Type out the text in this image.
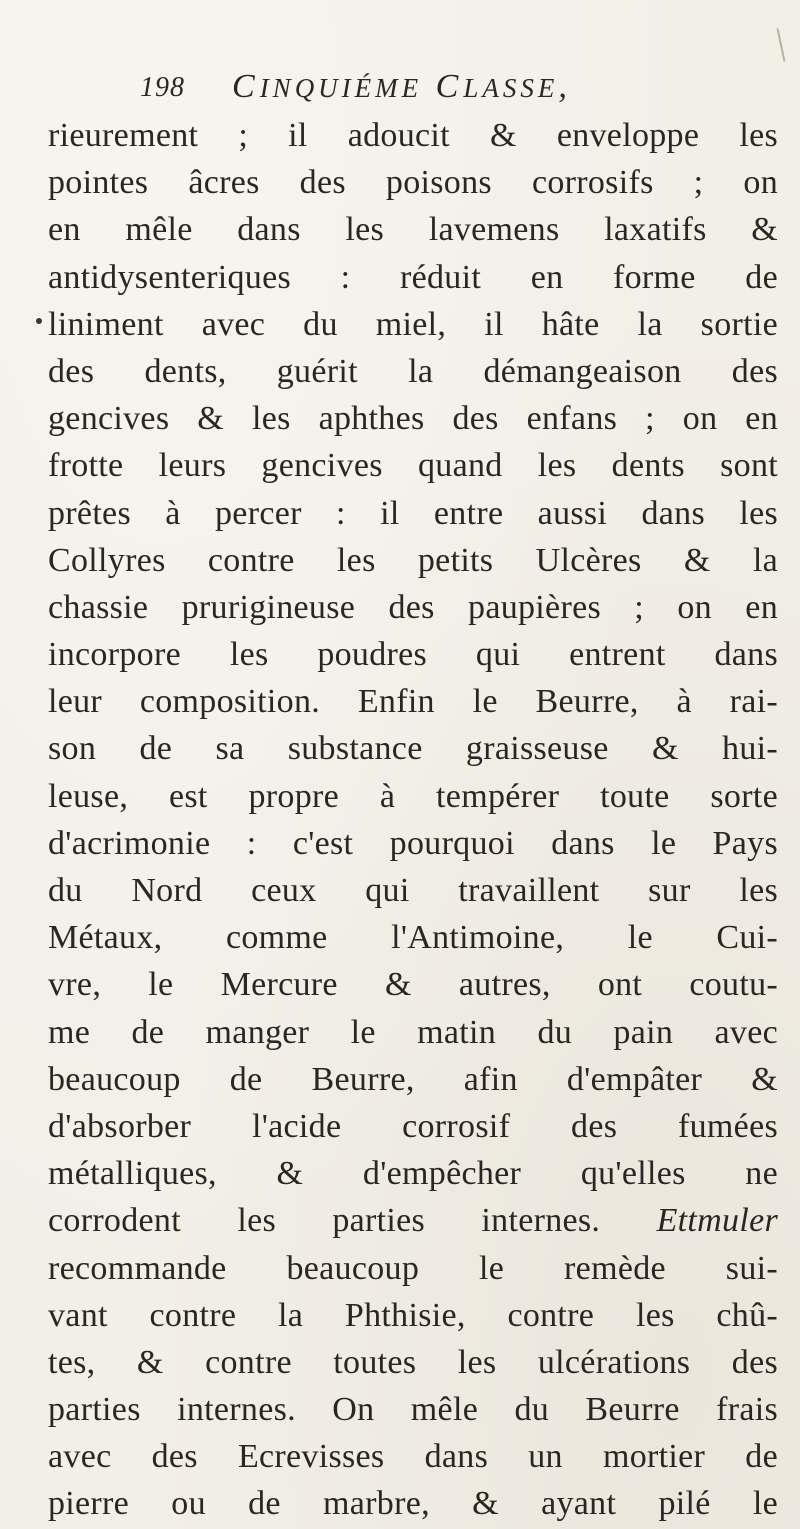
198 CINQUIÉME CLASSE,
rieurement ; il adoucit & enveloppe les
pointes âcres des poisons corrosifs ; on
en mêle dans les lavemens laxatifs &
antidysenteriques : réduit en forme de
liniment avec du miel, il hâte la sortie
des dents, guérit la démangeaison des
gencives & les aphthes des enfans ; on en
frotte leurs gencives quand les dents sont
prêtes à percer : il entre aussi dans les
Collyres contre les petits Ulcères & la
chassie prurigineuse des paupières ; on en
incorpore les poudres qui entrent dans
leur composition. Enfin le Beurre, à rai-
son de sa substance graisseuse & hui-
leuse, est propre à tempérer toute sorte
d'acrimonie : c'est pourquoi dans le Pays
du Nord ceux qui travaillent sur les
Métaux, comme l'Antimoine, le Cui-
vre, le Mercure & autres, ont coutu-
me de manger le matin du pain avec
beaucoup de Beurre, afin d'empâter &
d'absorber l'acide corrosif des fumées
métalliques, & d'empêcher qu'elles ne
corrodent les parties internes. Ettmuler
recommande beaucoup le remède sui-
vant contre la Phthisie, contre les chû-
tes, & contre toutes les ulcérations des
parties internes. On mêle du Beurre frais
avec des Ecrevisses dans un mortier de
pierre ou de marbre, & ayant pilé le
